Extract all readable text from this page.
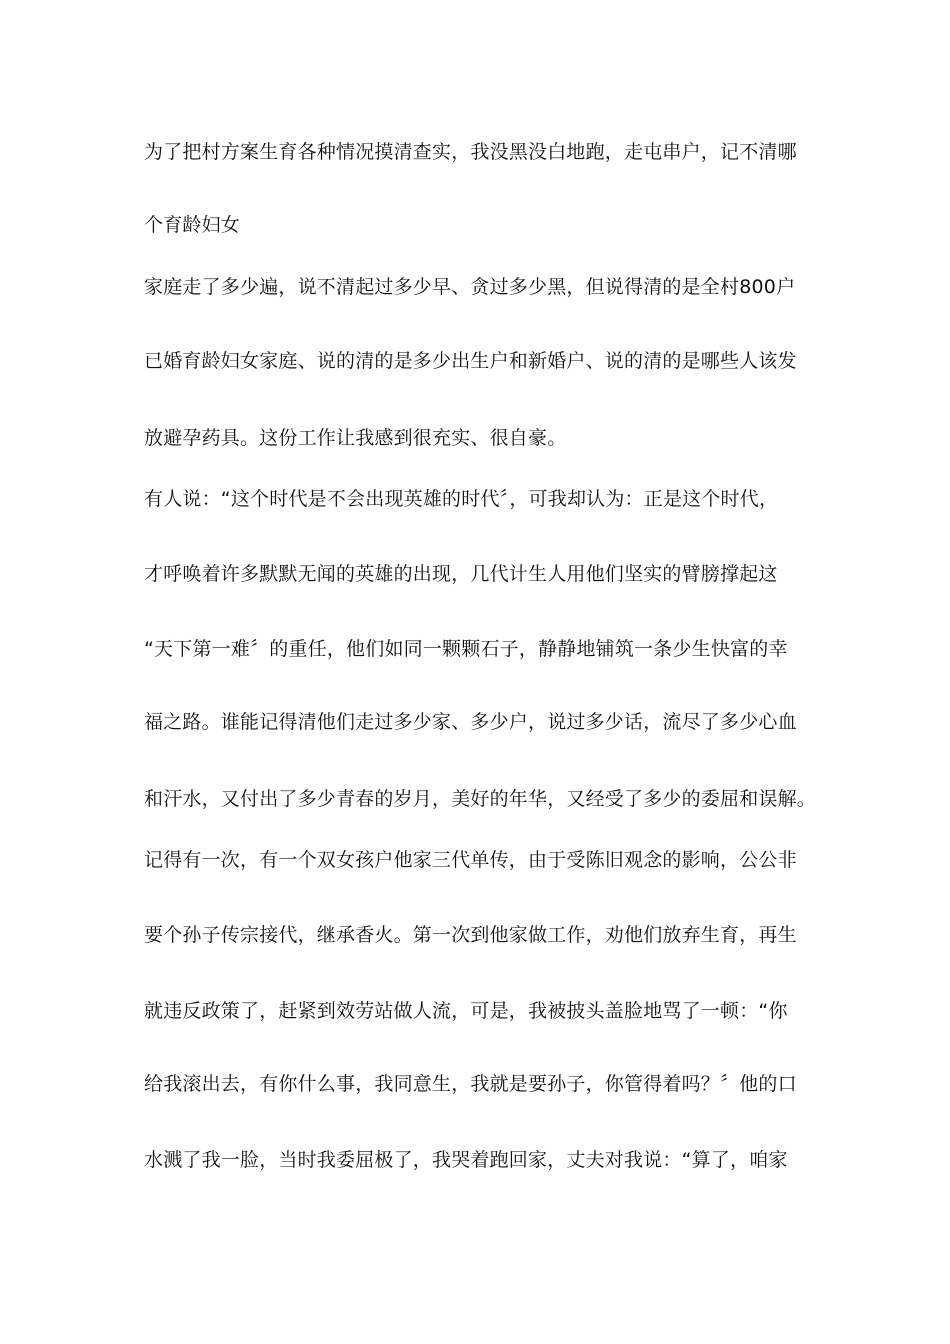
为了把村方案生育各种情况摸清查实，我没黑没白地跑，走屯串户，记不清哪
个育龄妇女
家庭走了多少遍，说不清起过多少早、贪过多少黑，但说得清的是全村800户
已婚育龄妇女家庭、说的清的是多少出生户和新婚户、说的清的是哪些人该发
放避孕药具。这份工作让我感到很充实、很自豪。
有人说：“这个时代是不会出现英雄的时代〞，可我却认为：正是这个时代，
才呼唤着许多默默无闻的英雄的出现，几代计生人用他们坚实的臂膀撑起这
“天下第一难〞的重任，他们如同一颗颗石子，静静地铺筑一条少生快富的幸
福之路。谁能记得清他们走过多少家、多少户，说过多少话，流尽了多少心血
和汗水，又付出了多少青春的岁月，美好的年华，又经受了多少的委屈和误解。
记得有一次，有一个双女孩户他家三代单传，由于受陈旧观念的影响，公公非
要个孙子传宗接代，继承香火。第一次到他家做工作，劝他们放弃生育，再生
就违反政策了，赶紧到效劳站做人流，可是，我被披头盖脸地骂了一顿：“你
给我滚出去，有你什么事，我同意生，我就是要孙子，你管得着吗？〞他的口
水溅了我一脸，当时我委屈极了，我哭着跑回家，丈夫对我说：“算了，咱家
